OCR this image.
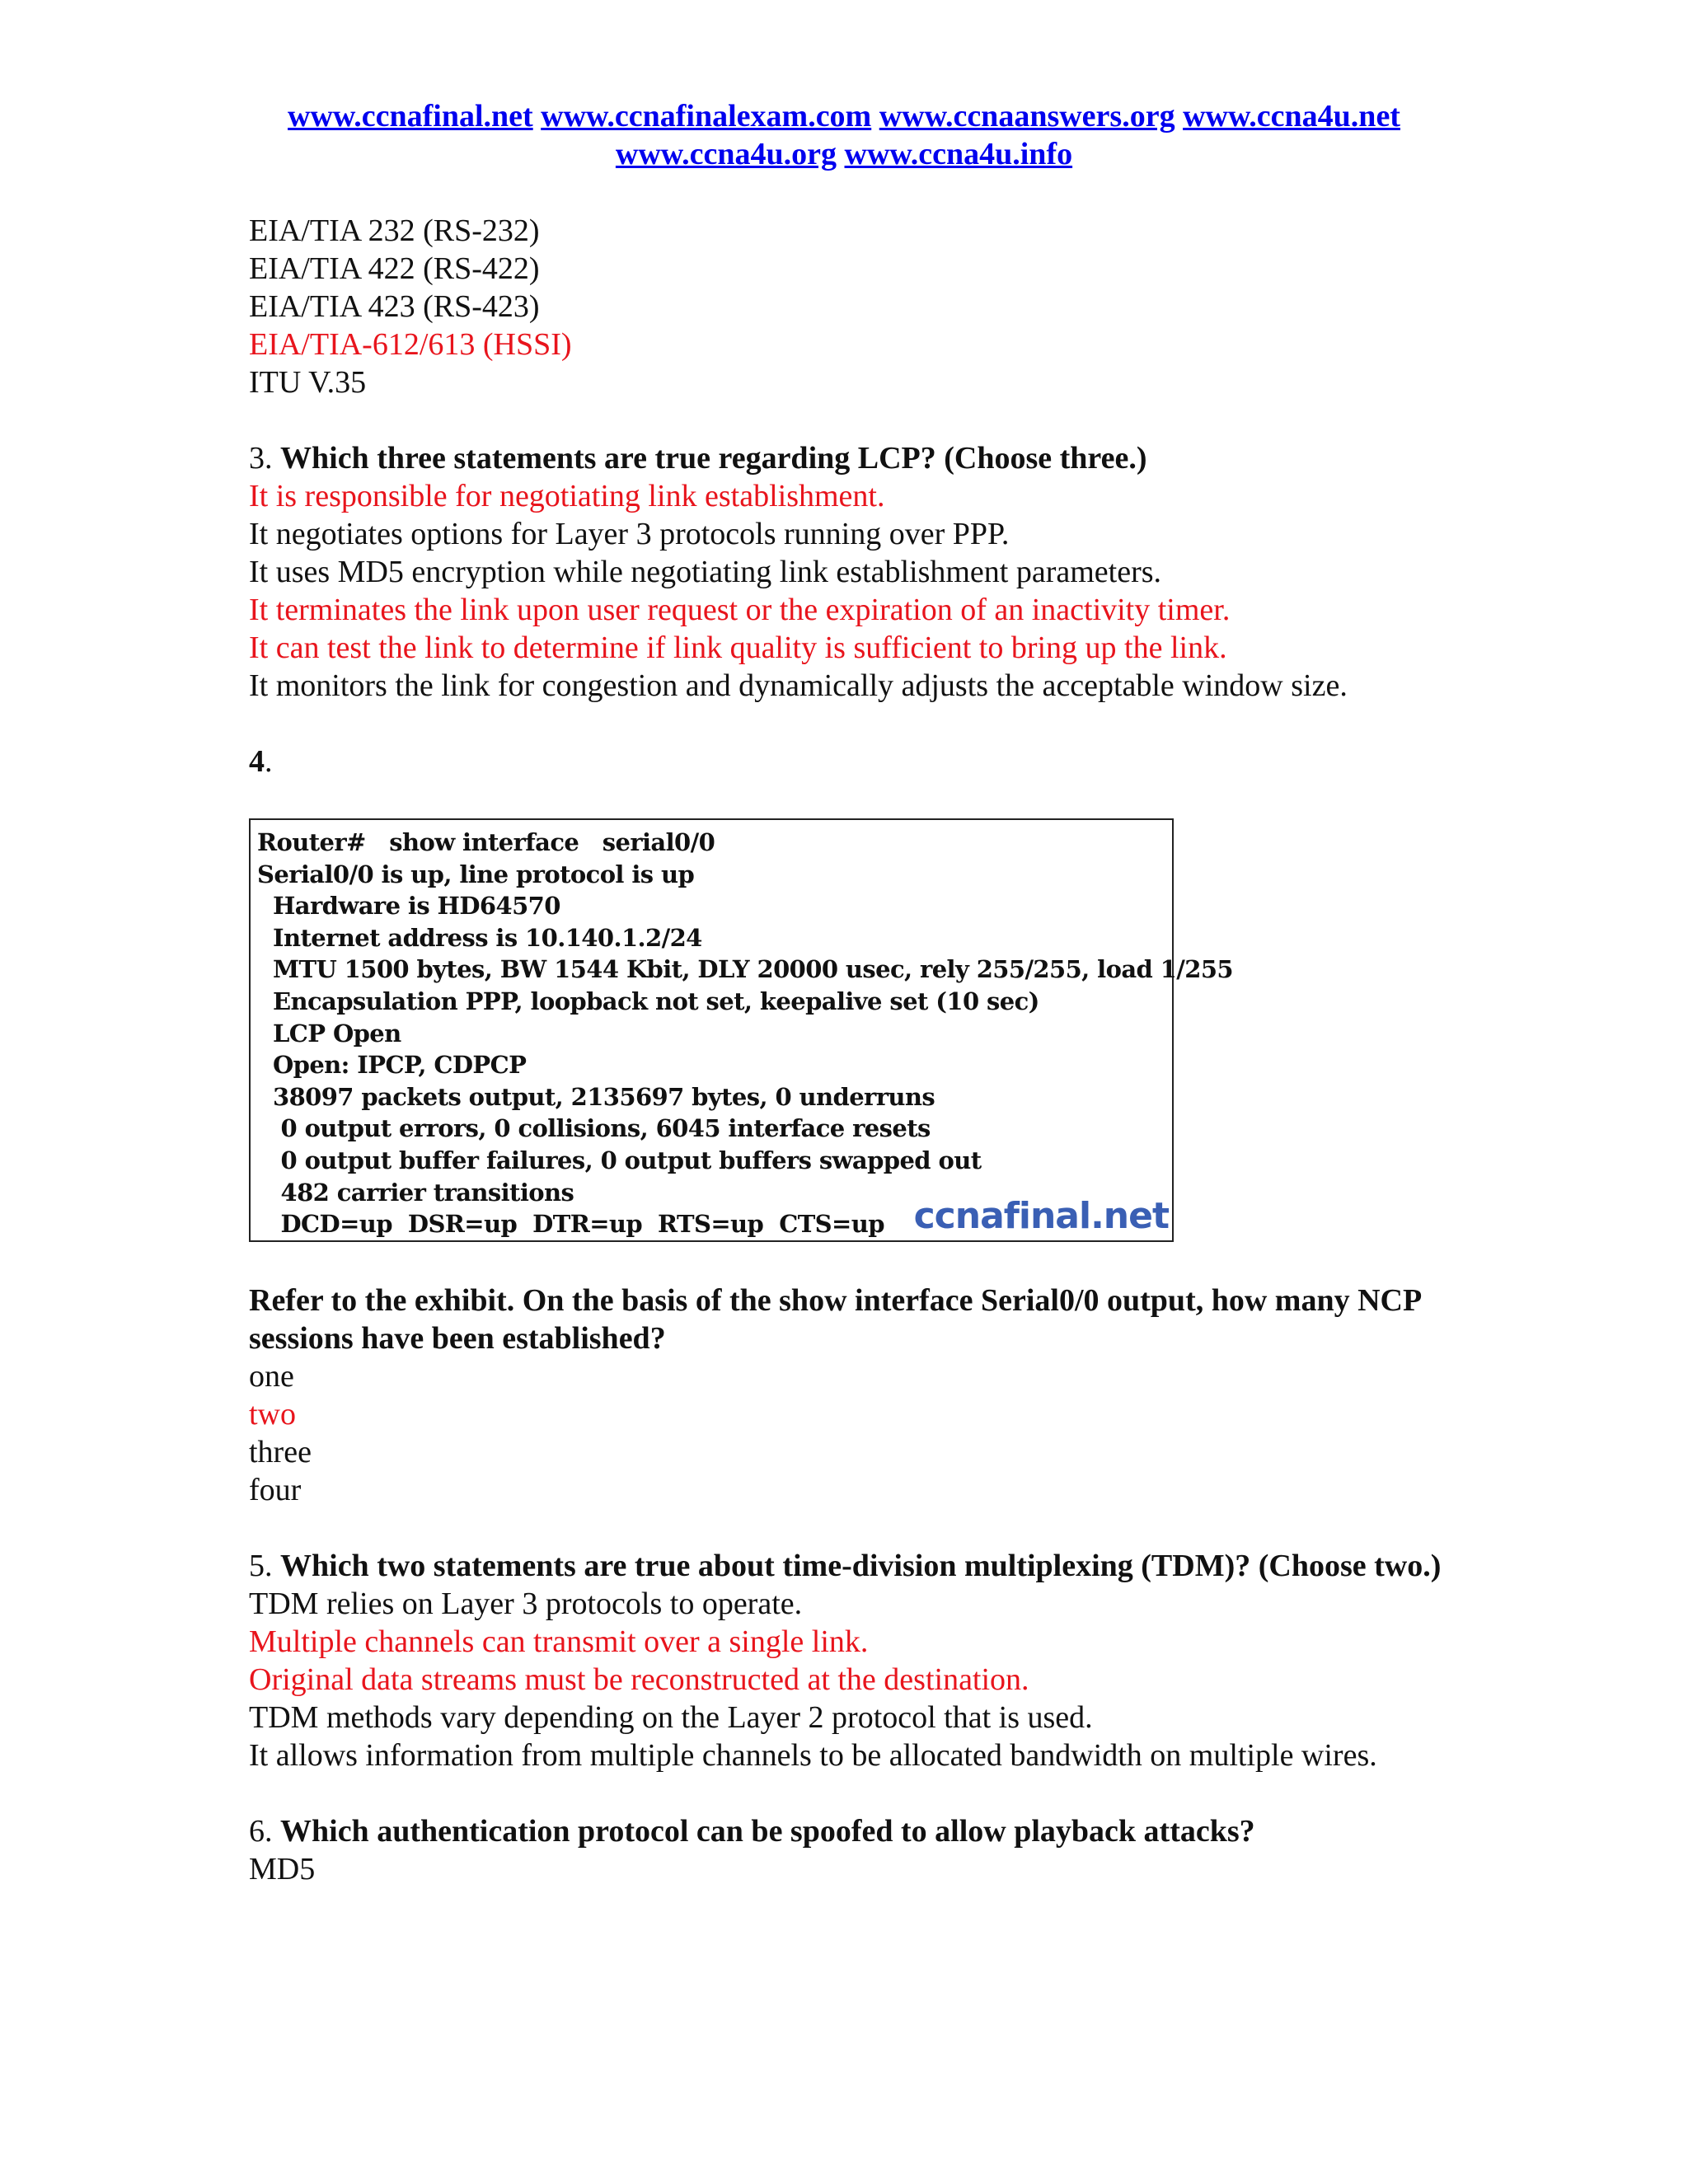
www.ccnafinal.net www.ccnafinalexam.com www.ccnaanswers.org www.ccna4u.net
www.ccna4u.org www.ccna4u.info
EIA/TIA 232 (RS-232)
EIA/TIA 422 (RS-422)
EIA/TIA 423 (RS-423)
EIA/TIA-612/613 (HSSI)
ITU V.35
3. Which three statements are true regarding LCP? (Choose three.)
It is responsible for negotiating link establishment.
It negotiates options for Layer 3 protocols running over PPP.
It uses MD5 encryption while negotiating link establishment parameters.
It terminates the link upon user request or the expiration of an inactivity timer.
It can test the link to determine if link quality is sufficient to bring up the link.
It monitors the link for congestion and dynamically adjusts the acceptable window size.
4.
Router#   show interface   serial0/0
Serial0/0 is up, line protocol is up
Hardware is HD64570
Internet address is 10.140.1.2/24
MTU 1500 bytes, BW 1544 Kbit, DLY 20000 usec, rely 255/255, load 1/255
Encapsulation PPP, loopback not set, keepalive set (10 sec)
LCP Open
Open: IPCP, CDPCP
38097 packets output, 2135697 bytes, 0 underruns
0 output errors, 0 collisions, 6045 interface resets
0 output buffer failures, 0 output buffers swapped out
482 carrier transitions
DCD=up  DSR=up  DTR=up  RTS=up  CTS=up ccnafinal.net
Refer to the exhibit. On the basis of the show interface Serial0/0 output, how many NCP sessions have been established?
one
two
three
four
5. Which two statements are true about time-division multiplexing (TDM)? (Choose two.)
TDM relies on Layer 3 protocols to operate.
Multiple channels can transmit over a single link.
Original data streams must be reconstructed at the destination.
TDM methods vary depending on the Layer 2 protocol that is used.
It allows information from multiple channels to be allocated bandwidth on multiple wires.
6. Which authentication protocol can be spoofed to allow playback attacks?
MD5
